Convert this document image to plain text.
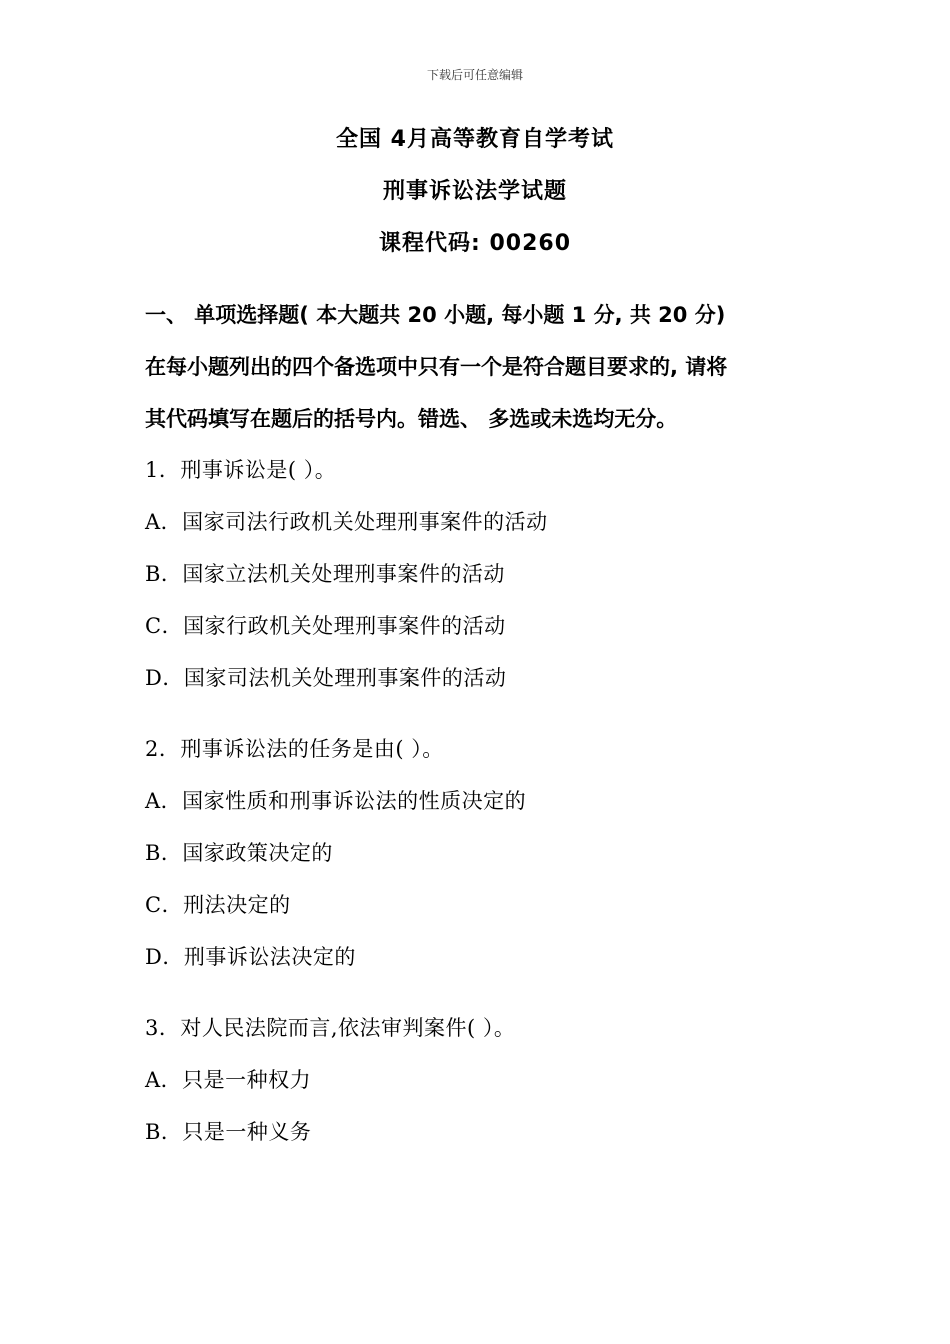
下载后可任意编辑
全国 4月高等教育自学考试
刑事诉讼法学试题
课程代码: 00260
一、 单项选择题( 本大题共 20 小题, 每小题 1 分, 共 20 分)
在每小题列出的四个备选项中只有一个是符合题目要求的, 请将
其代码填写在题后的括号内。错选、 多选或未选均无分。
1．刑事诉讼是( ）。
A．国家司法行政机关处理刑事案件的活动
B．国家立法机关处理刑事案件的活动
C．国家行政机关处理刑事案件的活动
D．国家司法机关处理刑事案件的活动
2．刑事诉讼法的任务是由( ）。
A．国家性质和刑事诉讼法的性质决定的
B．国家政策决定的
C．刑法决定的
D．刑事诉讼法决定的
3．对人民法院而言,依法审判案件( ）。
A．只是一种权力
B．只是一种义务
